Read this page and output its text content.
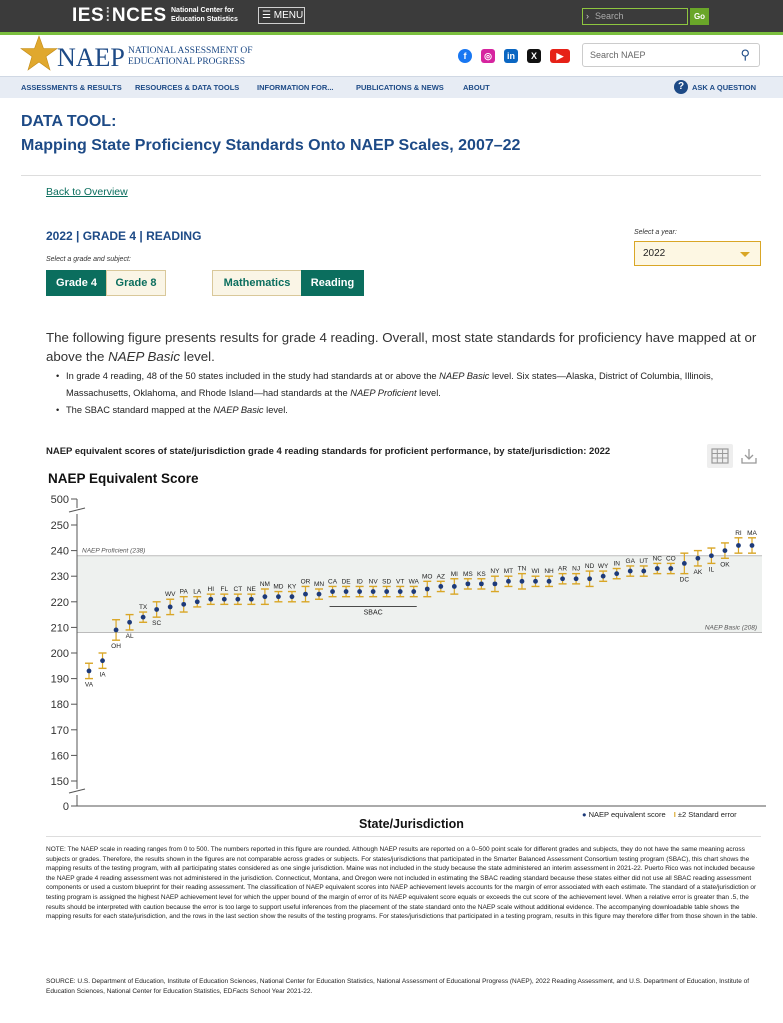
IES⁞NCES National Center for Education Statistics	☰ MENU	› Search	Go
NAEP NATIONAL ASSESSMENT OF
EDUCATIONAL PROGRESS
f	◎	in	X	▶	Search NAEP	⚲
ASSESSMENTS & RESULTS RESOURCES & DATA TOOLS INFORMATION FOR...	PUBLICATIONS & NEWS	ABOUT	?	ASK A QUESTION
DATA TOOL:
Mapping State Proficiency Standards Onto NAEP Scales, 2007–22
Back to Overview
2022 | GRADE 4 | READING
Select a grade and subject:
Grade 4	Grade 8	Mathematics	Reading
Select a year:
2022

The following figure presents results for grade 4 reading. Overall, most state standards for proficiency have mapped at or above the NAEP Basic level.

• In grade 4 reading, 48 of the 50 states included in the study had standards at or above the NAEP Basic level. Six states—Alaska, District of Columbia, Illinois, Massachusetts, Oklahoma, and Rhode Island—had standards at the NAEP Proficient level.
• The SBAC standard mapped at the NAEP Basic level.
NAEP equivalent scores of state/jurisdiction grade 4 reading standards for proficient performance, by state/jurisdiction: 2022
NAEP Equivalent Score
NAEP Proficient (238)
NAEP Basic (208)
0
150
160
170
180
190
200
210
220
230
240
250
500
VA
IA
OH
AL
TX
SC
WV PA LA HI FL CT NE
NM MD KY
OR MN CA DE ID NV SD VT WA
MO AZ MI MS KS NY MT TN WI NH AR NJ ND WY IN GA UT NC CO
DC
AK IL
OK
RI MA
SBAC
State/Jurisdiction
● NAEP equivalent score I ±2 Standard error

NOTE: The NAEP scale in reading ranges from 0 to 500. The numbers reported in this figure are rounded. Although NAEP results are reported on a 0–500 point scale for different grades and subjects, they do not have the same meaning across subjects or grades. Therefore, the results shown in the figures are not comparable across grades or subjects. For states/jurisdictions that participated in the Smarter Balanced Assessment Consortium testing program (SBAC), this chart shows the mapping results of the testing program, with all participating states considered as one single jurisdiction. Maine was not included in the study because the state administered an interim assessment in 2021-22. Puerto Rico was not included because the NAEP grade 4 reading assessment was not administered in the jurisdiction. Connecticut, Montana, and Oregon were not included in estimating the SBAC reading standard because these states either did not use all SBAC reading assessment components or used a custom blueprint for their reading assessment. The classification of NAEP equivalent scores into NAEP achievement levels accounts for the margin of error associated with each estimate. The standard of a state/jurisdiction or testing program is assigned the highest NAEP achievement level for which the upper bound of the margin of error of its NAEP equivalent score equals or exceeds the cut score of the achievement level. When a relative error is greater than .5, the results should be interpreted with caution because the error is too large to support useful inferences from the placement of the state standard onto the NAEP scale without additional evidence. The accompanying downloadable table shows the mapping results for each state/jurisdiction, and the rows in the last section show the results of the testing programs. For states/jurisdictions that participated in a testing program, results in this figure may therefore differ from those shown in the table.

SOURCE: U.S. Department of Education, Institute of Education Sciences, National Center for Education Statistics, National Assessment of Educational Progress (NAEP), 2022 Reading Assessment, and U.S. Department of Education, Institute of Education Sciences, National Center for Education Statistics, EDFacts School Year 2021-22.
